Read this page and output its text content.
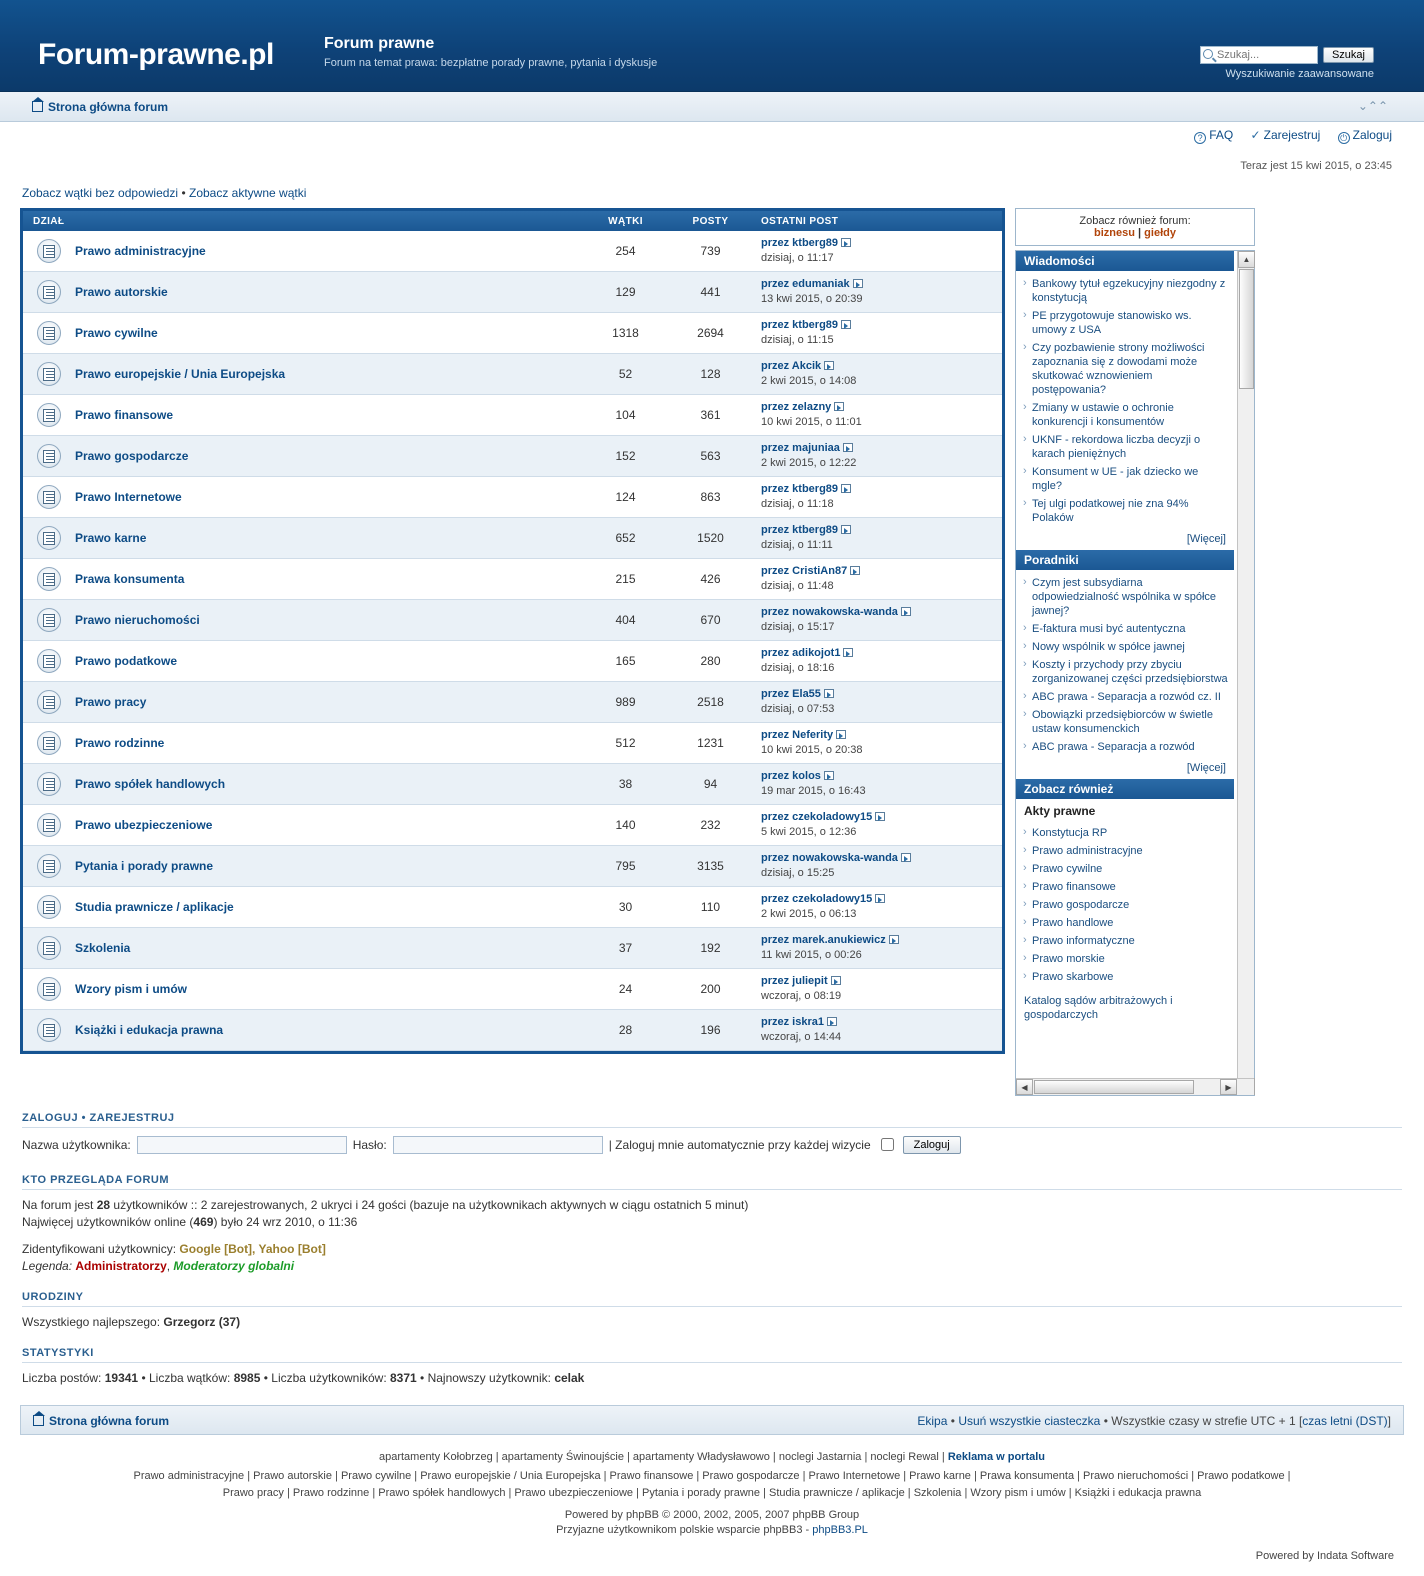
Forum-prawne.pl	Forum prawne
Forum na temat prawa: bezpłatne porady prawne, pytania i dyskusje
Szukaj...
Szukaj
Wyszukiwanie zaawansowane
Strona główna forum	⌄⌃⌃
? FAQ ✓ Zarejestruj ⏻ Zaloguj
Teraz jest 15 kwi 2015, o 23:45
Zobacz wątki bez odpowiedzi • Zobacz aktywne wątki
DZIAŁ	WĄTKI	POSTY	OSTATNI POST
Prawo administracyjne	254	739
przez ktberg89
dzisiaj, o 11:17
Prawo autorskie	129	441
przez edumaniak
13 kwi 2015, o 20:39
Prawo cywilne	1318	2694
przez ktberg89
dzisiaj, o 11:15
Prawo europejskie / Unia Europejska	52	128
przez Akcik
2 kwi 2015, o 14:08
Prawo finansowe	104	361
przez zelazny
10 kwi 2015, o 11:01
Prawo gospodarcze	152	563
przez majuniaa
2 kwi 2015, o 12:22
Prawo Internetowe	124	863
przez ktberg89
dzisiaj, o 11:18
Prawo karne	652	1520
przez ktberg89
dzisiaj, o 11:11
Prawa konsumenta	215	426
przez CristiAn87
dzisiaj, o 11:48
Prawo nieruchomości	404	670
przez nowakowska-wanda
dzisiaj, o 15:17
Prawo podatkowe	165	280
przez adikojot1
dzisiaj, o 18:16
Prawo pracy	989	2518
przez Ela55
dzisiaj, o 07:53
Prawo rodzinne	512	1231
przez Neferity
10 kwi 2015, o 20:38
Prawo spółek handlowych	38	94
przez kolos
19 mar 2015, o 16:43
Prawo ubezpieczeniowe	140	232
przez czekoladowy15
5 kwi 2015, o 12:36
Pytania i porady prawne	795	3135
przez nowakowska-wanda
dzisiaj, o 15:25
Studia prawnicze / aplikacje	30	110
przez czekoladowy15
2 kwi 2015, o 06:13
Szkolenia	37	192
przez marek.anukiewicz
11 kwi 2015, o 00:26
Wzory pism i umów	24	200
przez juliepit
wczoraj, o 08:19
Książki i edukacja prawna	28	196
przez iskra1
wczoraj, o 14:44
Zobacz również forum:
biznesu | giełdy
Wiadomości
› Bankowy tytuł egzekucyjny niezgodny z konstytucją
› PE przygotowuje stanowisko ws. umowy z USA
› Czy pozbawienie strony możliwości zapoznania się z dowodami może skutkować wznowieniem postępowania?
› Zmiany w ustawie o ochronie konkurencji i konsumentów
› UKNF - rekordowa liczba decyzji o karach pieniężnych
› Konsument w UE - jak dziecko we mgle?
› Tej ulgi podatkowej nie zna 94% Polaków
[Więcej]
Poradniki
› Czym jest subsydiarna odpowiedzialność wspólnika w spółce jawnej?
› E-faktura musi być autentyczna
› Nowy wspólnik w spółce jawnej
› Koszty i przychody przy zbyciu zorganizowanej części przedsiębiorstwa
› ABC prawa - Separacja a rozwód cz. II
› Obowiązki przedsiębiorców w świetle ustaw konsumenckich
› ABC prawa - Separacja a rozwód
[Więcej]
Zobacz również
Akty prawne
› Konstytucja RP
› Prawo administracyjne
› Prawo cywilne
› Prawo finansowe
› Prawo gospodarcze
› Prawo handlowe
› Prawo informatyczne
› Prawo morskie
› Prawo skarbowe
Katalog sądów arbitrażowych i gospodarczych
▲
◀	▶
ZALOGUJ • ZAREJESTRUJ
Nazwa użytkownika:	Hasło:	| Zaloguj mnie automatycznie przy każdej wizycie	Zaloguj
KTO PRZEGLĄDA FORUM
Na forum jest 28 użytkowników :: 2 zarejestrowanych, 2 ukryci i 24 gości (bazuje na użytkownikach aktywnych w ciągu ostatnich 5 minut)
Najwięcej użytkowników online (469) było 24 wrz 2010, o 11:36
Zidentyfikowani użytkownicy: Google [Bot], Yahoo [Bot]
Legenda: Administratorzy, Moderatorzy globalni
URODZINY
Wszystkiego najlepszego: Grzegorz (37)
STATYSTYKI
Liczba postów: 19341 • Liczba wątków: 8985 • Liczba użytkowników: 8371 • Najnowszy użytkownik: celak
Strona główna forum	Ekipa • Usuń wszystkie ciasteczka • Wszystkie czasy w strefie UTC + 1 [czas letni (DST)]
apartamenty Kołobrzeg | apartamenty Świnoujście | apartamenty Władysławowo | noclegi Jastarnia | noclegi Rewal | Reklama w portalu
Prawo administracyjne | Prawo autorskie | Prawo cywilne | Prawo europejskie / Unia Europejska | Prawo finansowe | Prawo gospodarcze | Prawo Internetowe | Prawo karne | Prawa konsumenta | Prawo nieruchomości | Prawo podatkowe |
Prawo pracy | Prawo rodzinne | Prawo spółek handlowych | Prawo ubezpieczeniowe | Pytania i porady prawne | Studia prawnicze / aplikacje | Szkolenia | Wzory pism i umów | Książki i edukacja prawna
Powered by phpBB © 2000, 2002, 2005, 2007 phpBB Group
Przyjazne użytkownikom polskie wsparcie phpBB3 - phpBB3.PL
Powered by Indata Software
